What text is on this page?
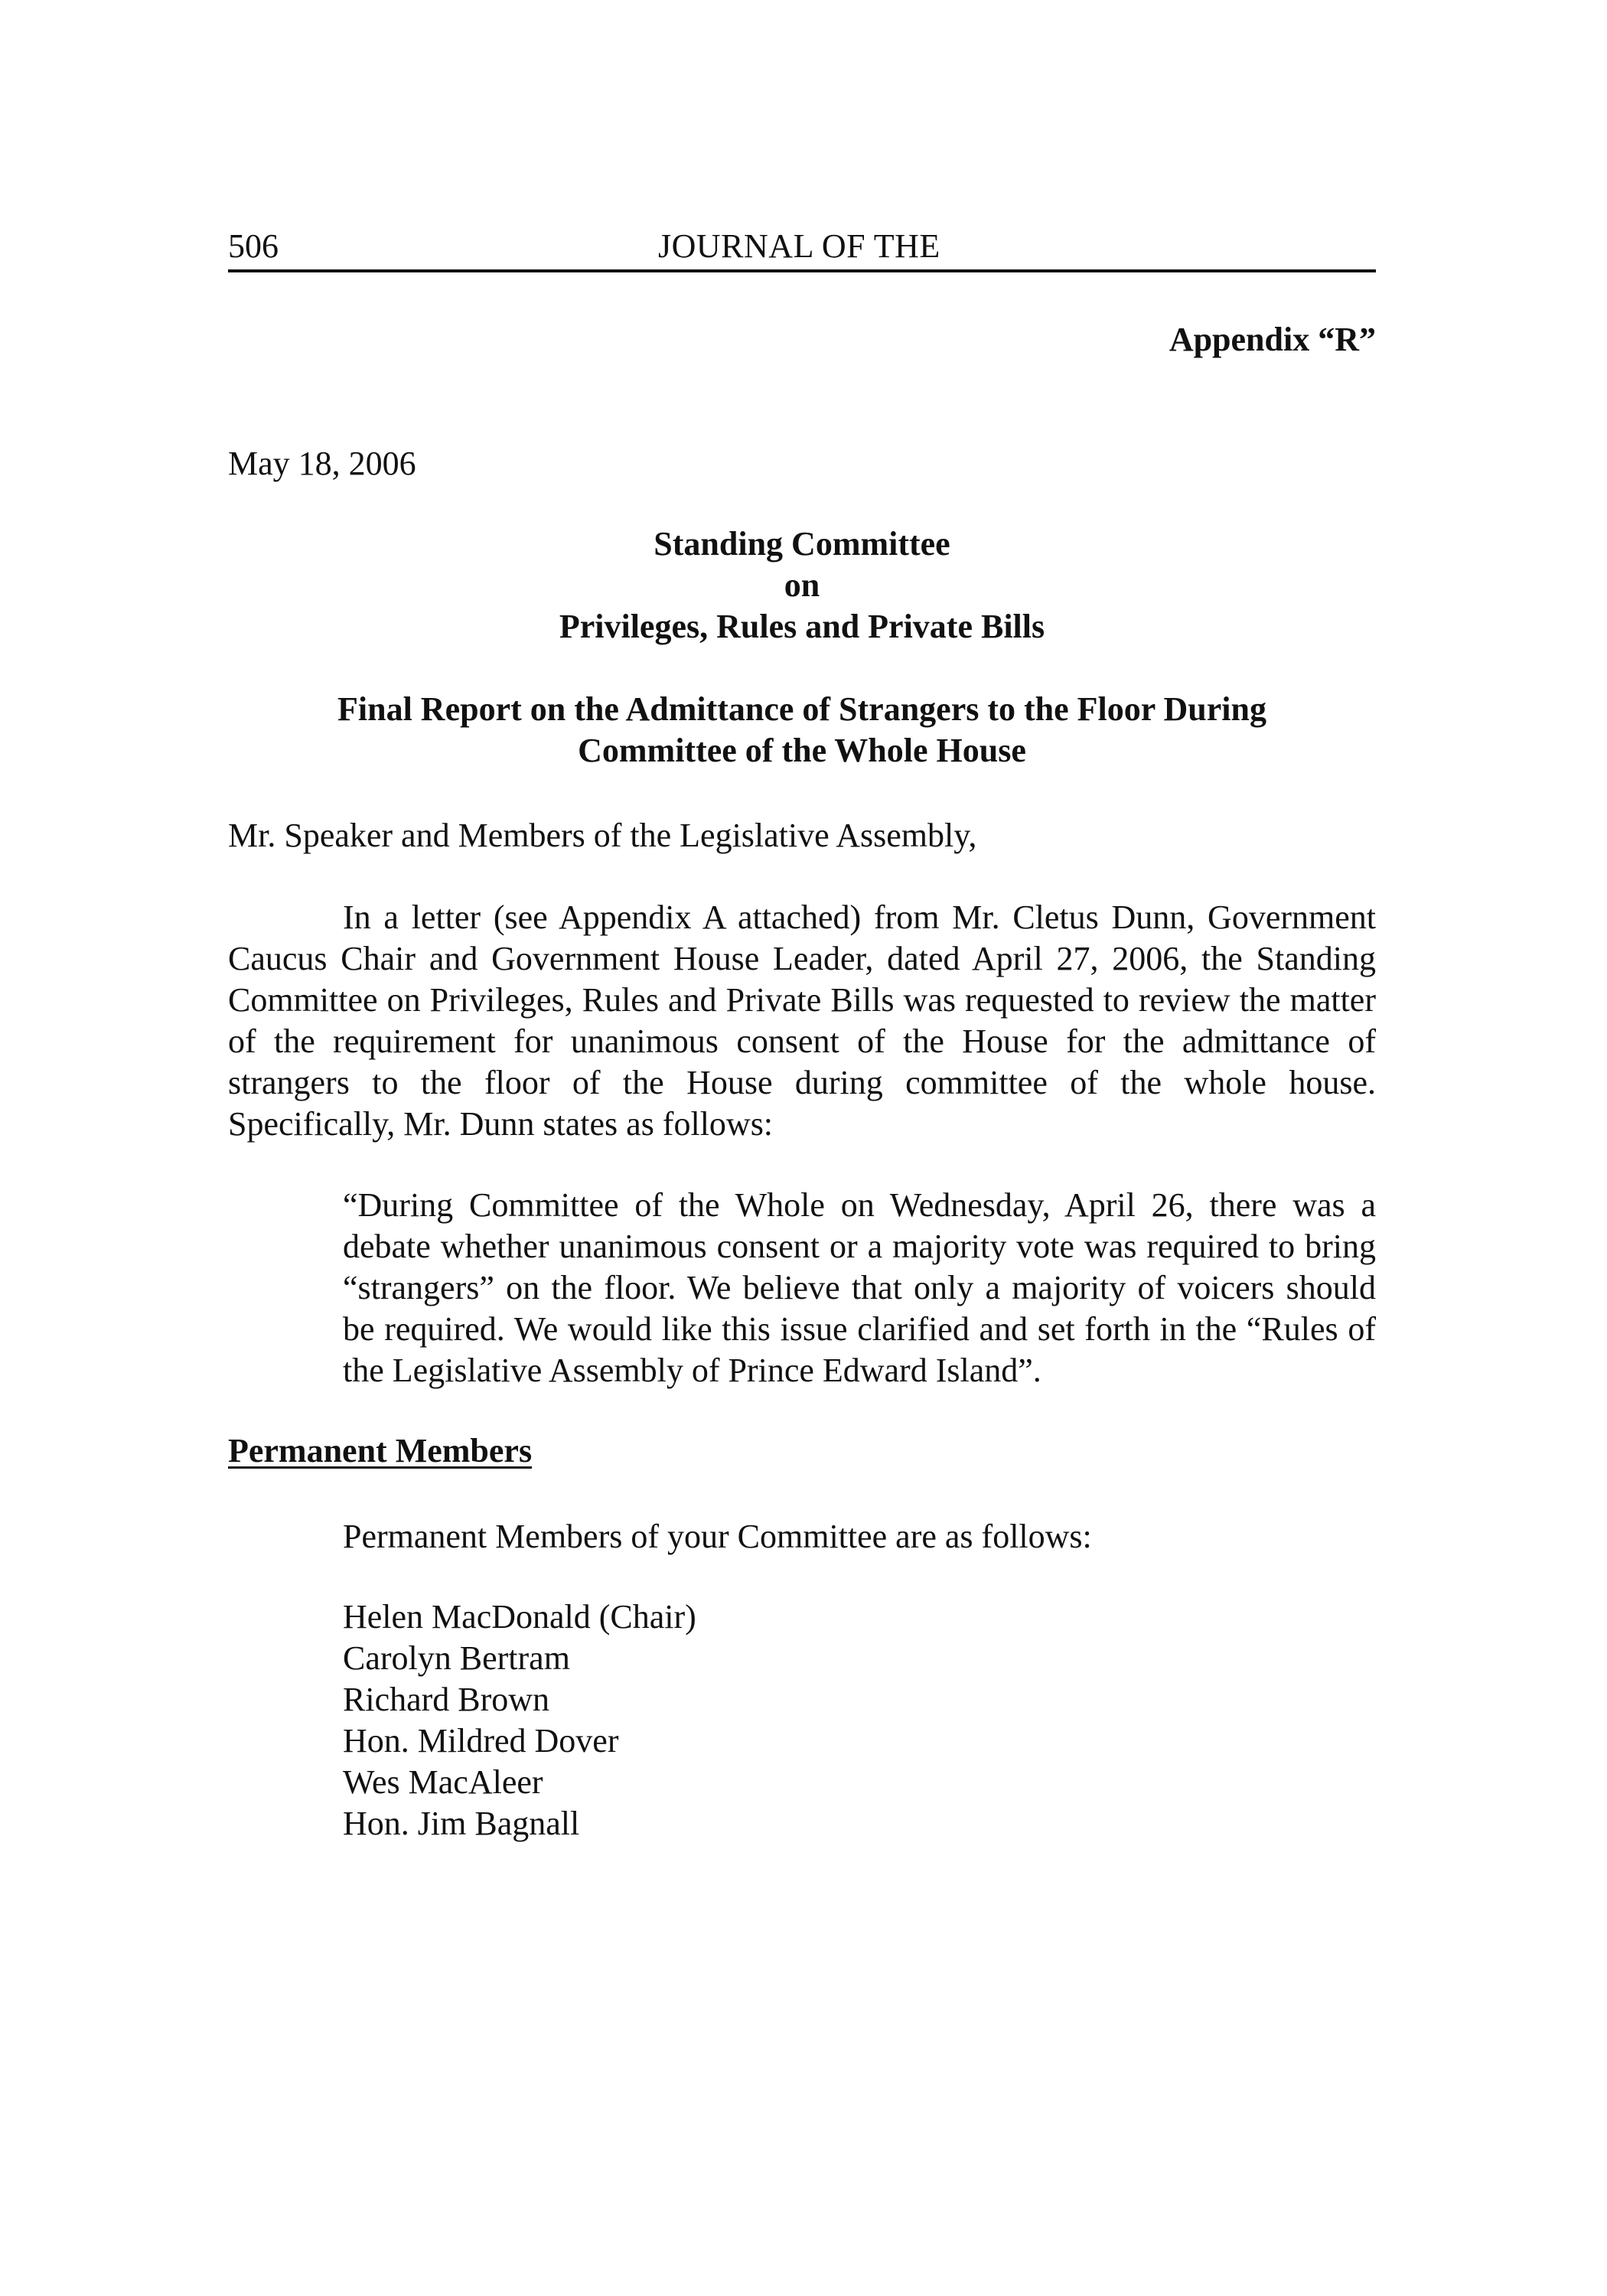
506	JOURNAL OF THE
Appendix “R”
May 18, 2006
Standing Committee
on
Privileges, Rules and Private Bills
Final Report on the Admittance of Strangers to the Floor During
Committee of the Whole House
Mr. Speaker and Members of the Legislative Assembly,

In a letter (see Appendix A attached) from Mr. Cletus Dunn, Government Caucus Chair and Government House Leader, dated April 27, 2006, the Standing Committee on Privileges, Rules and Private Bills was requested to review the matter of the requirement for unanimous consent of the House for the admittance of strangers to the floor of the House during committee of the whole house. Specifically, Mr. Dunn states as follows:

“During Committee of the Whole on Wednesday, April 26, there was a debate whether unanimous consent or a majority vote was required to bring “strangers” on the floor. We believe that only a majority of voicers should be required. We would like this issue clarified and set forth in the “Rules of the Legislative Assembly of Prince Edward Island”.

Permanent Members
Permanent Members of your Committee are as follows:
Helen MacDonald (Chair)
Carolyn Bertram
Richard Brown
Hon. Mildred Dover
Wes MacAleer
Hon. Jim Bagnall
